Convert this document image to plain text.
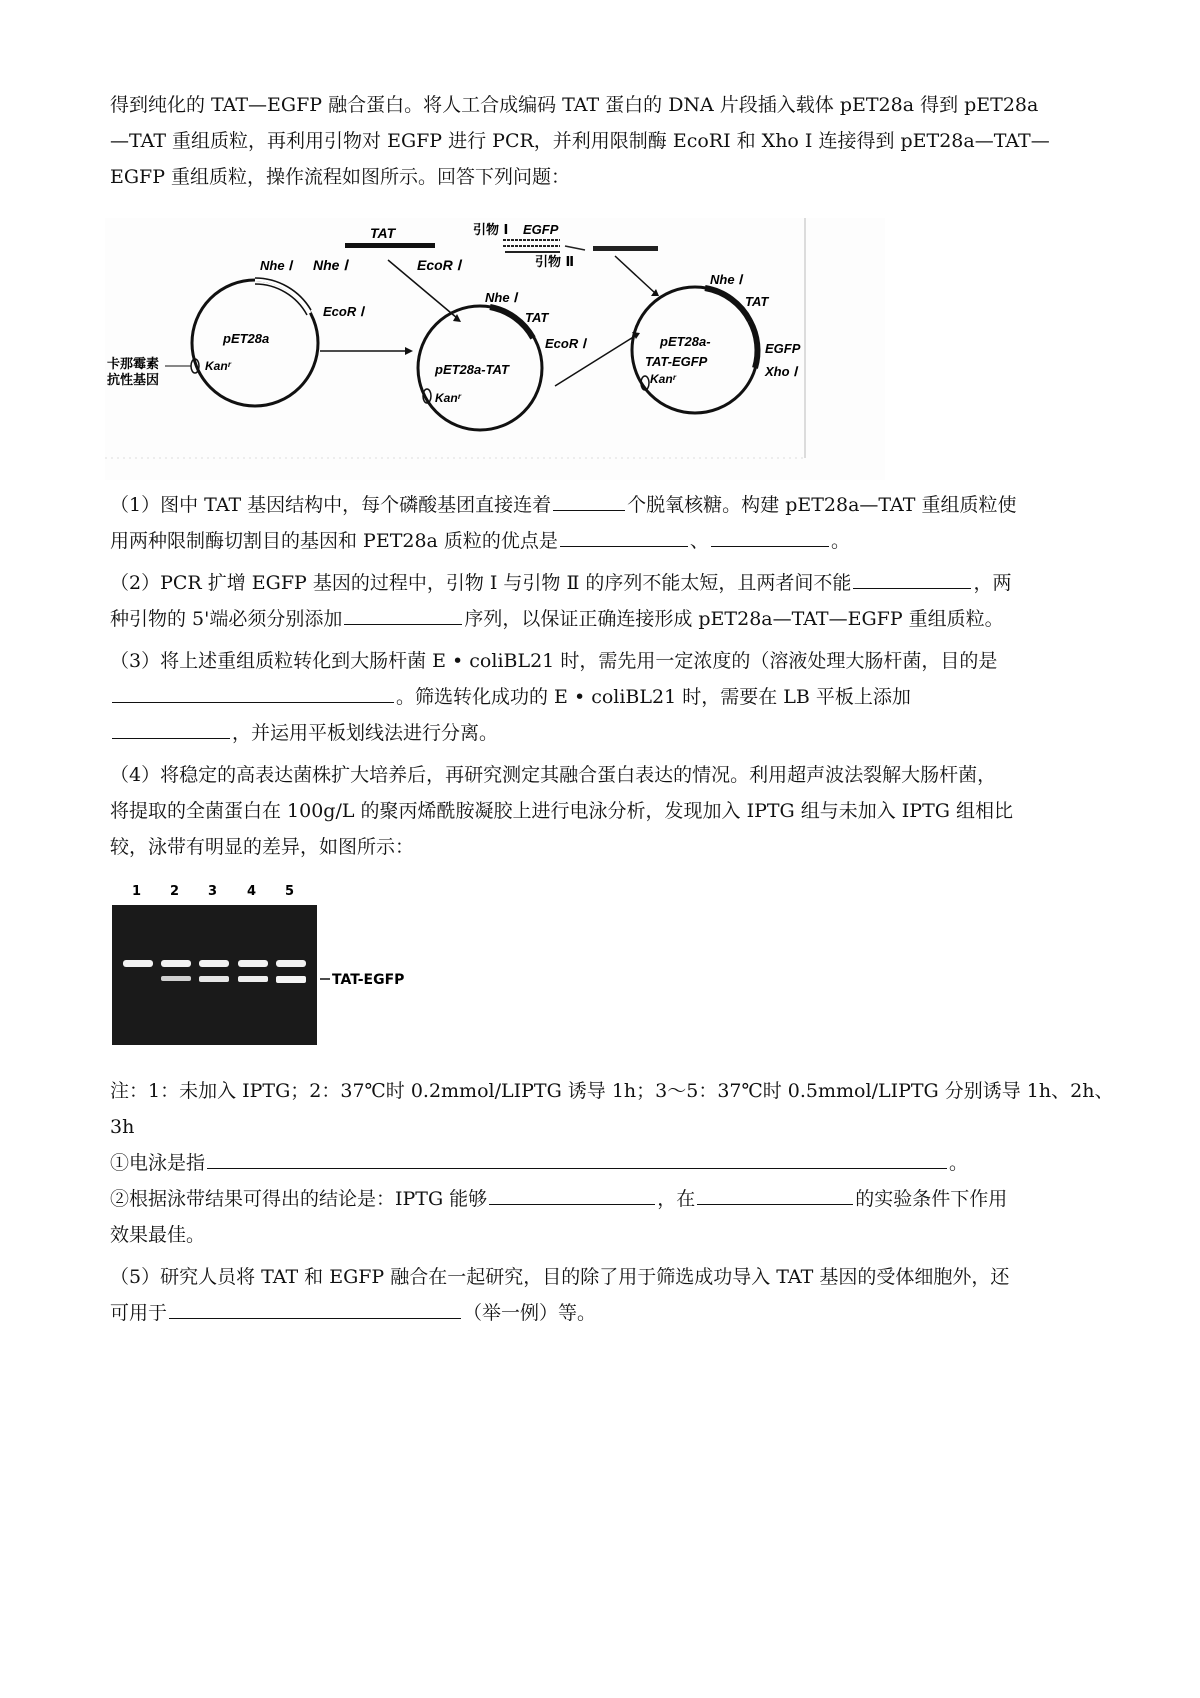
得到纯化的 TAT—EGFP 融合蛋白。将人工合成编码 TAT 蛋白的 DNA 片段插入载体 pET28a 得到 pET28a
—TAT 重组质粒，再利用引物对 EGFP 进行 PCR，并利用限制酶 EcoRI 和 Xho Ⅰ 连接得到 pET28a—TAT—
EGFP 重组质粒，操作流程如图所示。回答下列问题：
TAT
Nhe Ⅰ	EcoR Ⅰ
引物 Ⅰ EGFP
引物 Ⅱ
Nhe Ⅰ
EcoR Ⅰ
pET28a
Kanʳ
卡那霉素
抗性基因
Nhe Ⅰ
TAT
EcoR Ⅰ
pET28a-TAT
Kanʳ
Nhe Ⅰ
TAT
EGFP
Xho Ⅰ
pET28a-
TAT-EGFP
Kanʳ
（1）图中 TAT 基因结构中，每个磷酸基团直接连着	个脱氧核糖。构建 pET28a—TAT 重组质粒使
用两种限制酶切割目的基因和 PET28a 质粒的优点是	、	。
（2）PCR 扩增 EGFP 基因的过程中，引物 Ⅰ 与引物 Ⅱ 的序列不能太短，且两者间不能	，两
种引物的 5'端必须分别添加	序列，以保证正确连接形成 pET28a—TAT—EGFP 重组质粒。
（3）将上述重组质粒转化到大肠杆菌 E • coliBL21 时，需先用一定浓度的（溶液处理大肠杆菌，目的是
。筛选转化成功的 E • coliBL21 时，需要在 LB 平板上添加
，并运用平板划线法进行分离。
（4）将稳定的高表达菌株扩大培养后，再研究测定其融合蛋白表达的情况。利用超声波法裂解大肠杆菌，
将提取的全菌蛋白在 100g/L 的聚丙烯酰胺凝胶上进行电泳分析，发现加入 IPTG 组与未加入 IPTG 组相比
较，泳带有明显的差异，如图所示：
1 2 3 4 5
TAT-EGFP
注：1：未加入 IPTG；2：37℃时 0.2mmol/LIPTG 诱导 1h；3～5：37℃时 0.5mmol/LIPTG 分别诱导 1h、2h、
3h
①电泳是指	。
②根据泳带结果可得出的结论是：IPTG 能够	，在	的实验条件下作用
效果最佳。
（5）研究人员将 TAT 和 EGFP 融合在一起研究，目的除了用于筛选成功导入 TAT 基因的受体细胞外，还
可用于	（举一例）等。
